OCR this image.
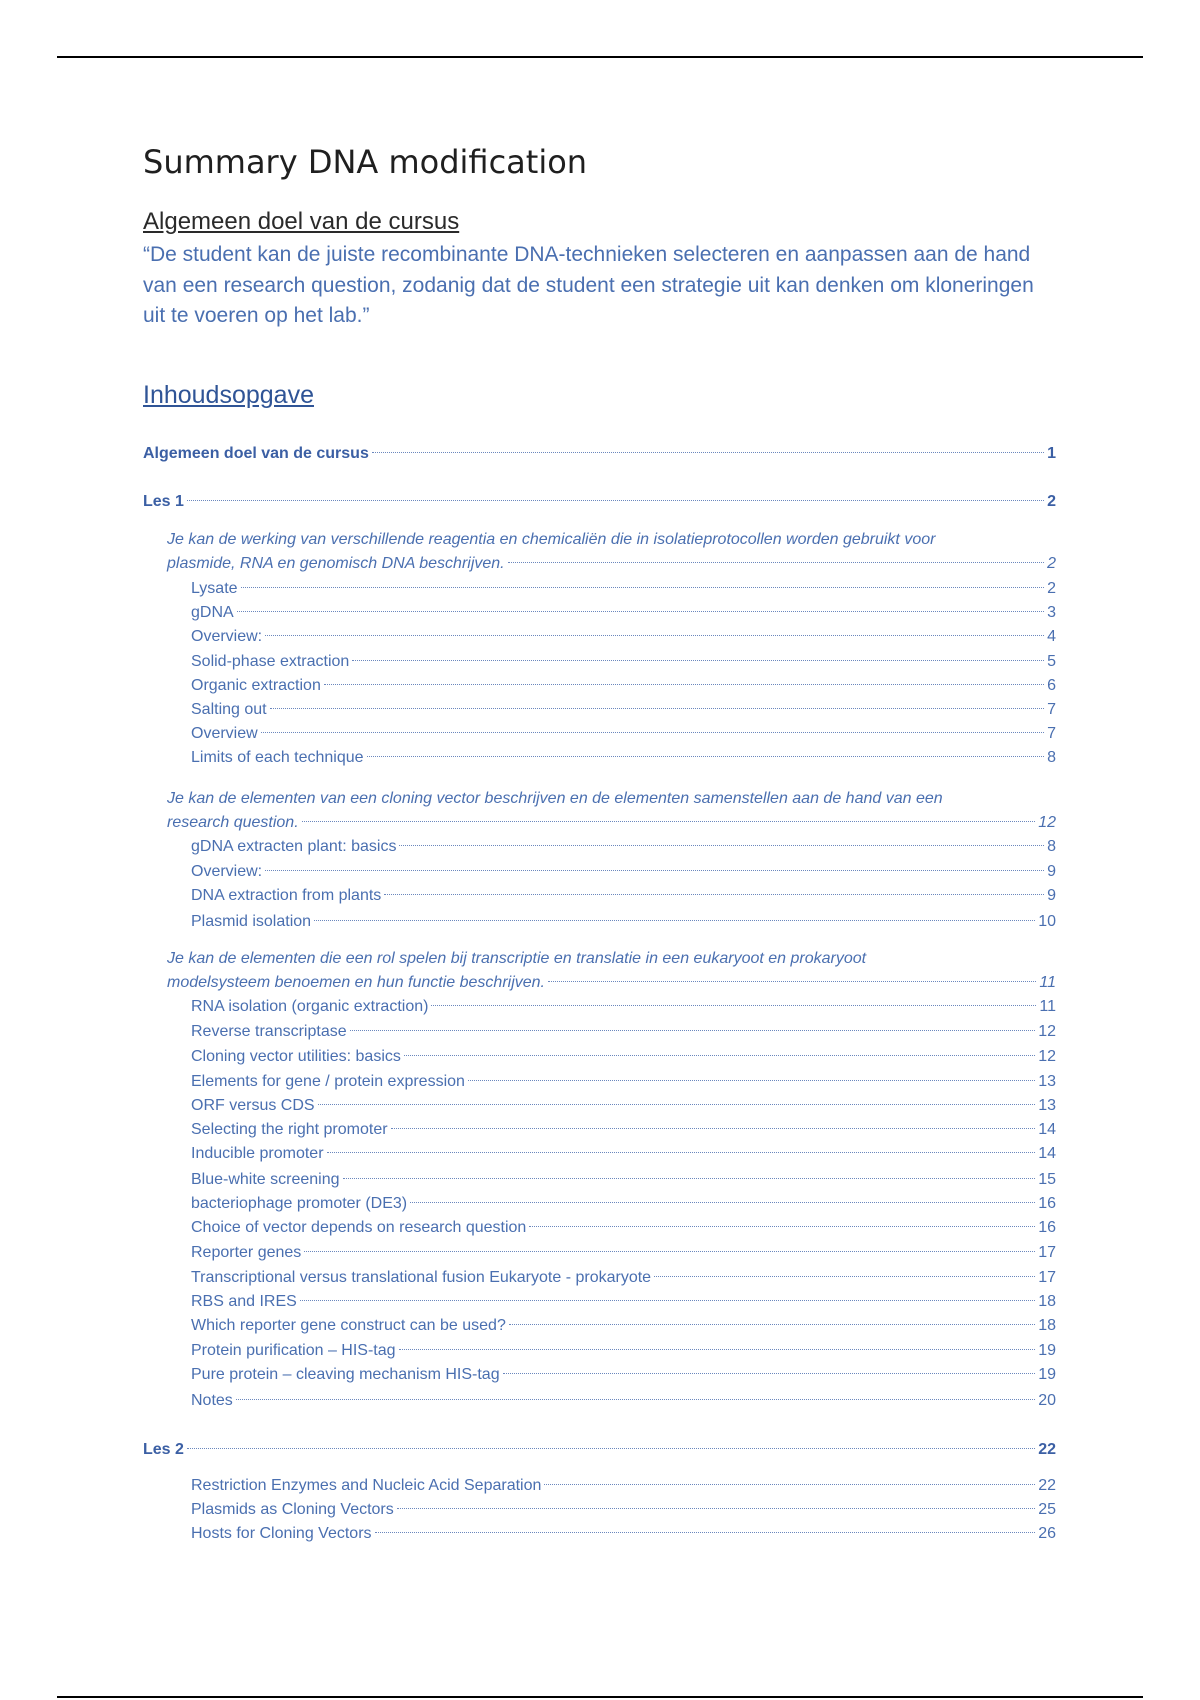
Summary DNA modification
Algemeen doel van de cursus
“De student kan de juiste recombinante DNA-technieken selecteren en aanpassen aan de hand van een research question, zodanig dat de student een strategie uit kan denken om kloneringen uit te voeren op het lab.”
Inhoudsopgave
Algemeen doel van de cursus	1
Les 1	2
Je kan de werking van verschillende reagentia en chemicaliën die in isolatieprotocollen worden gebruikt voor
plasmide, RNA en genomisch DNA beschrijven.	2
Lysate	2
gDNA	3
Overview:	4
Solid-phase extraction	5
Organic extraction	6
Salting out	7
Overview	7
Limits of each technique	8
Je kan de elementen van een cloning vector beschrijven en de elementen samenstellen aan de hand van een
research question.	12
gDNA extracten plant: basics	8
Overview:	9
DNA extraction from plants	9
Plasmid isolation	10
Je kan de elementen die een rol spelen bij transcriptie en translatie in een eukaryoot en prokaryoot
modelsysteem benoemen en hun functie beschrijven.	11
RNA isolation (organic extraction)	11
Reverse transcriptase	12
Cloning vector utilities: basics	12
Elements for gene / protein expression	13
ORF versus CDS	13
Selecting the right promoter	14
Inducible promoter	14
Blue-white screening	15
bacteriophage promoter (DE3)	16
Choice of vector depends on research question	16
Reporter genes	17
Transcriptional versus translational fusion Eukaryote - prokaryote	17
RBS and IRES	18
Which reporter gene construct can be used?	18
Protein purification – HIS-tag	19
Pure protein – cleaving mechanism HIS-tag	19
Notes	20
Les 2	22
Restriction Enzymes and Nucleic Acid Separation	22
Plasmids as Cloning Vectors	25
Hosts for Cloning Vectors	26
